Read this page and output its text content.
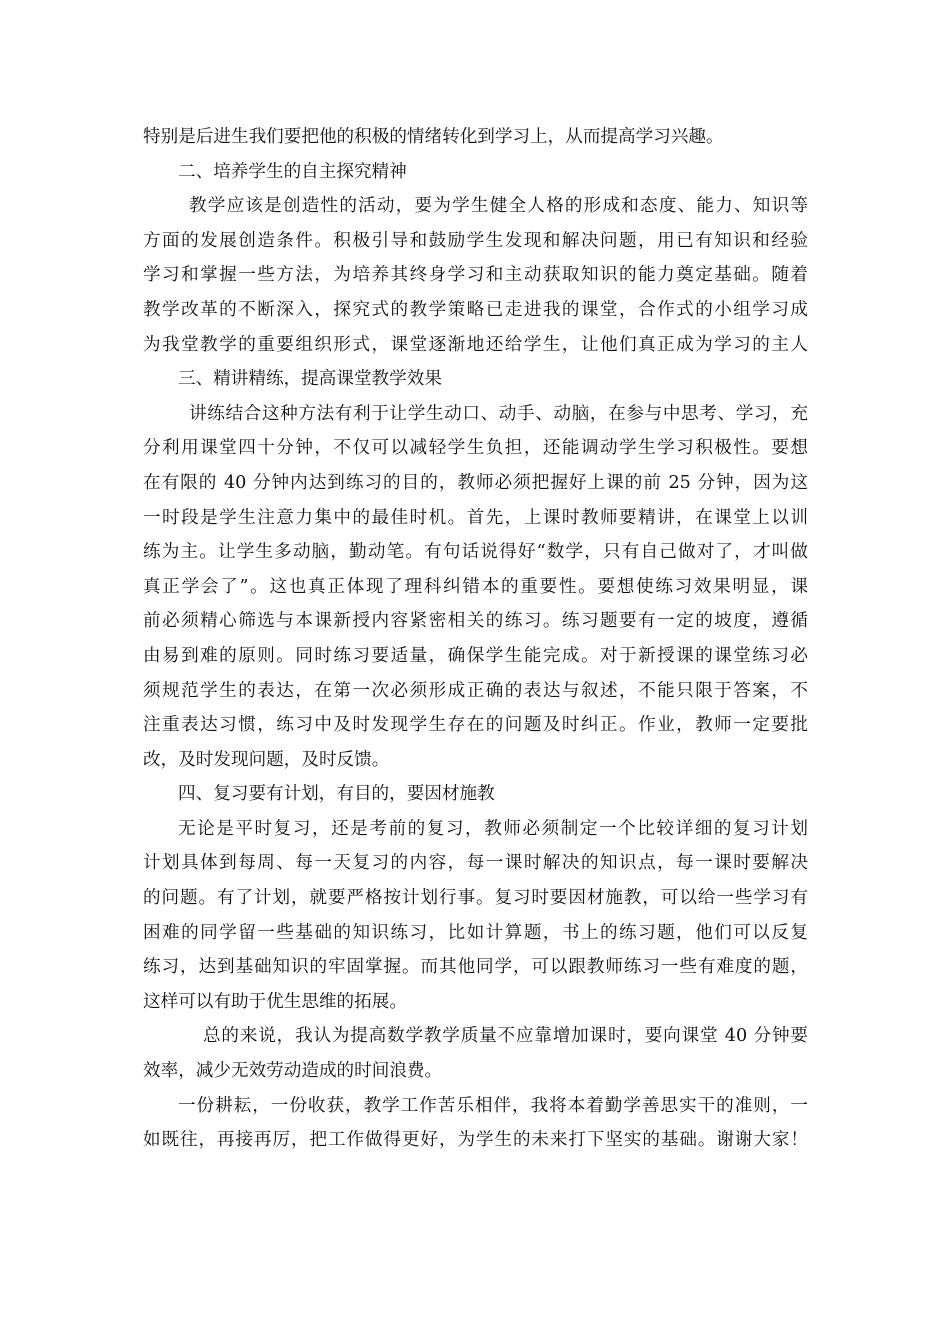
特别是后进生我们要把他的积极的情绪转化到学习上，从而提高学习兴趣。
二、培养学生的自主探究精神
教学应该是创造性的活动，要为学生健全人格的形成和态度、能力、知识等
方面的发展创造条件。积极引导和鼓励学生发现和解决问题，用已有知识和经验
学习和掌握一些方法，为培养其终身学习和主动获取知识的能力奠定基础。随着
教学改革的不断深入，探究式的教学策略已走进我的课堂，合作式的小组学习成
为我堂教学的重要组织形式，课堂逐渐地还给学生，让他们真正成为学习的主人
三、精讲精练，提高课堂教学效果
讲练结合这种方法有利于让学生动口、动手、动脑，在参与中思考、学习，充
分利用课堂四十分钟，不仅可以减轻学生负担，还能调动学生学习积极性。要想
在有限的 40 分钟内达到练习的目的，教师必须把握好上课的前 25 分钟，因为这
一时段是学生注意力集中的最佳时机。首先，上课时教师要精讲，在课堂上以训
练为主。让学生多动脑，勤动笔。有句话说得好“数学，只有自己做对了，才叫做
真正学会了”。这也真正体现了理科纠错本的重要性。要想使练习效果明显，课
前必须精心筛选与本课新授内容紧密相关的练习。练习题要有一定的坡度，遵循
由易到难的原则。同时练习要适量，确保学生能完成。对于新授课的课堂练习必
须规范学生的表达，在第一次必须形成正确的表达与叙述，不能只限于答案，不
注重表达习惯，练习中及时发现学生存在的问题及时纠正。作业，教师一定要批
改，及时发现问题，及时反馈。
四、复习要有计划，有目的，要因材施教
无论是平时复习，还是考前的复习，教师必须制定一个比较详细的复习计划
计划具体到每周、每一天复习的内容，每一课时解决的知识点，每一课时要解决
的问题。有了计划，就要严格按计划行事。复习时要因材施教，可以给一些学习有
困难的同学留一些基础的知识练习，比如计算题，书上的练习题，他们可以反复
练习，达到基础知识的牢固掌握。而其他同学，可以跟教师练习一些有难度的题，
这样可以有助于优生思维的拓展。
总的来说，我认为提高数学教学质量不应靠增加课时，要向课堂 40 分钟要
效率，减少无效劳动造成的时间浪费。
一份耕耘，一份收获，教学工作苦乐相伴，我将本着勤学善思实干的准则，一
如既往，再接再厉，把工作做得更好，为学生的未来打下坚实的基础。谢谢大家！
